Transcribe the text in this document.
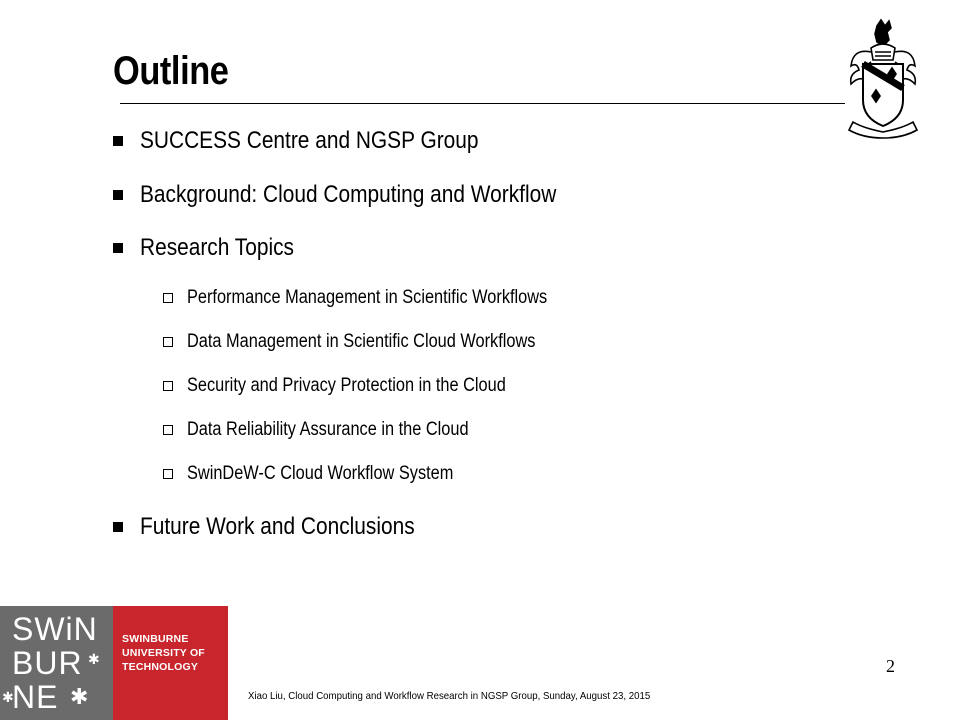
Outline
SUCCESS Centre and NGSP Group
Background: Cloud Computing and Workflow
Research Topics
Performance Management in Scientific Workflows
Data Management in Scientific Cloud Workflows
Security and Privacy Protection in the Cloud
Data Reliability Assurance in the Cloud
SwinDeW-C Cloud Workflow System
Future Work and Conclusions
SWiN
BUR
NE ✱
✱
✱
SWINBURNE
UNIVERSITY OF
TECHNOLOGY	2
Xiao Liu, Cloud Computing and Workflow Research in NGSP Group, Sunday, August 23, 2015
